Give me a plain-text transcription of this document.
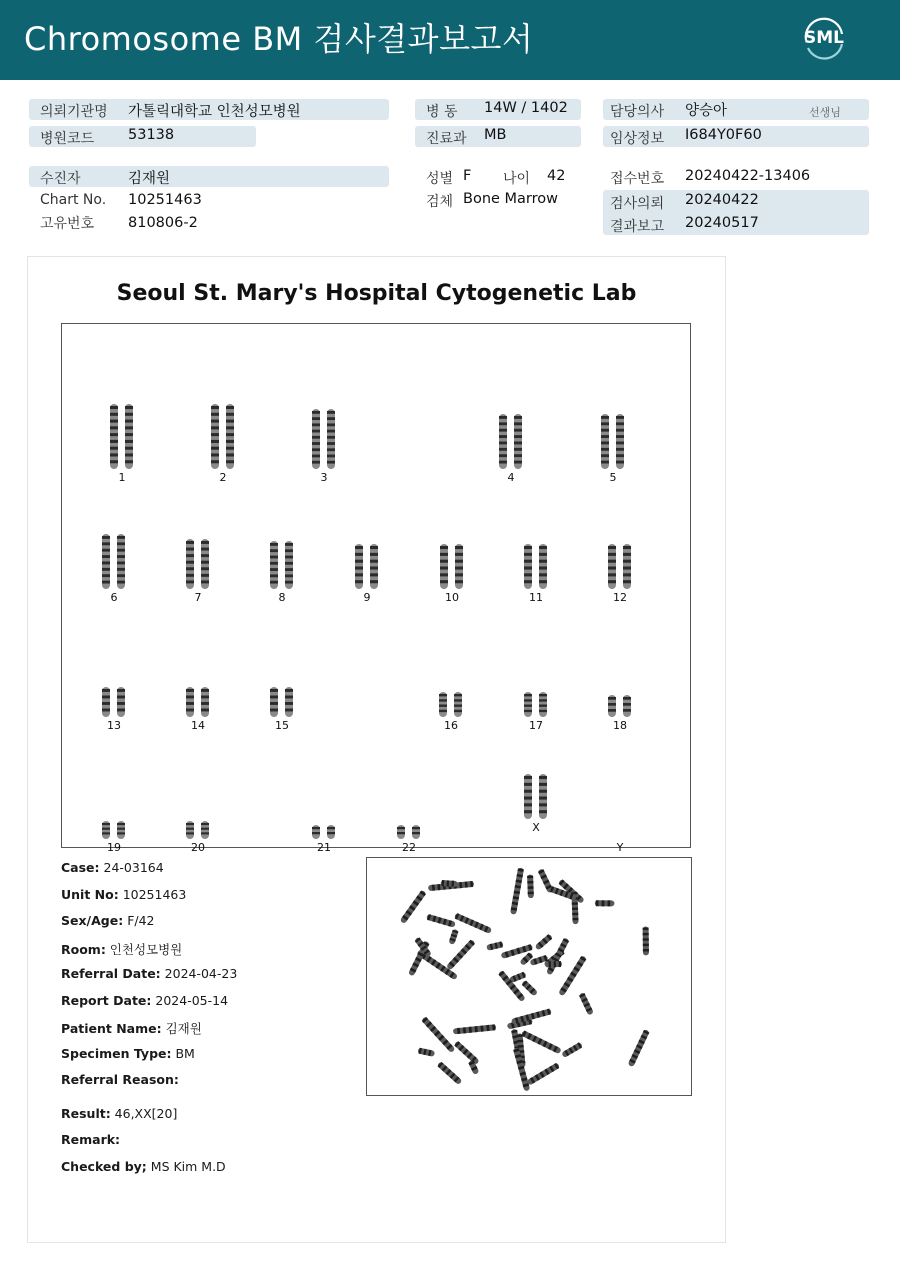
Chromosome BM 검사결과보고서	SML
의뢰기관명 가톨릭대학교 인천성모병원
병원코드 53138
병 동 14W / 1402
진료과 MB
담당의사 양승아	선생님
임상정보 I684Y0F60
수진자	김재원
Chart No. 10251463
고유번호 810806-2
성별 F 나이 42
검체 Bone Marrow
접수번호 20240422-13406
검사의뢰 20240422
결과보고 20240517
Seoul St. Mary's Hospital Cytogenetic Lab
1	2	3	4	5
6	7	8	9	10	11	12
13	14	15	16	17	18
19	20	21	22
X
Y
Case: 24-03164
Unit No: 10251463
Sex/Age: F/42
Room: 인천성모병원
Referral Date: 2024-04-23
Report Date: 2024-05-14
Patient Name: 김재원
Specimen Type: BM
Referral Reason:
Result: 46,XX[20]
Remark:
Checked by; MS Kim M.D
